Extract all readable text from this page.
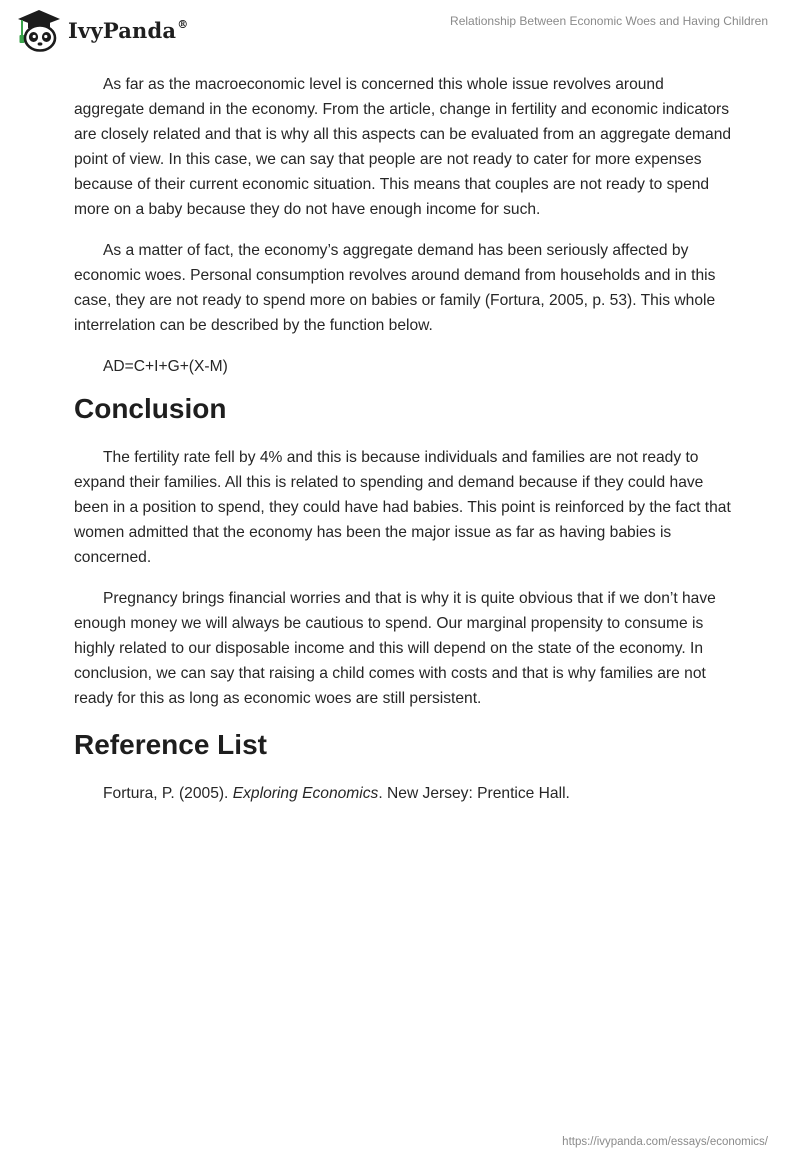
IvyPanda®	Relationship Between Economic Woes and Having Children

As far as the macroeconomic level is concerned this whole issue revolves around aggregate demand in the economy. From the article, change in fertility and economic indicators are closely related and that is why all this aspects can be evaluated from an aggregate demand point of view. In this case, we can say that people are not ready to cater for more expenses because of their current economic situation. This means that couples are not ready to spend more on a baby because they do not have enough income for such.

As a matter of fact, the economy’s aggregate demand has been seriously affected by economic woes. Personal consumption revolves around demand from households and in this case, they are not ready to spend more on babies or family (Fortura, 2005, p. 53). This whole interrelation can be described by the function below.

AD=C+I+G+(X-M)

Conclusion

The fertility rate fell by 4% and this is because individuals and families are not ready to expand their families. All this is related to spending and demand because if they could have been in a position to spend, they could have had babies. This point is reinforced by the fact that women admitted that the economy has been the major issue as far as having babies is concerned.

Pregnancy brings financial worries and that is why it is quite obvious that if we don’t have enough money we will always be cautious to spend. Our marginal propensity to consume is highly related to our disposable income and this will depend on the state of the economy. In conclusion, we can say that raising a child comes with costs and that is why families are not ready for this as long as economic woes are still persistent.

Reference List

Fortura, P. (2005). Exploring Economics. New Jersey: Prentice Hall.

https://ivypanda.com/essays/economics/
